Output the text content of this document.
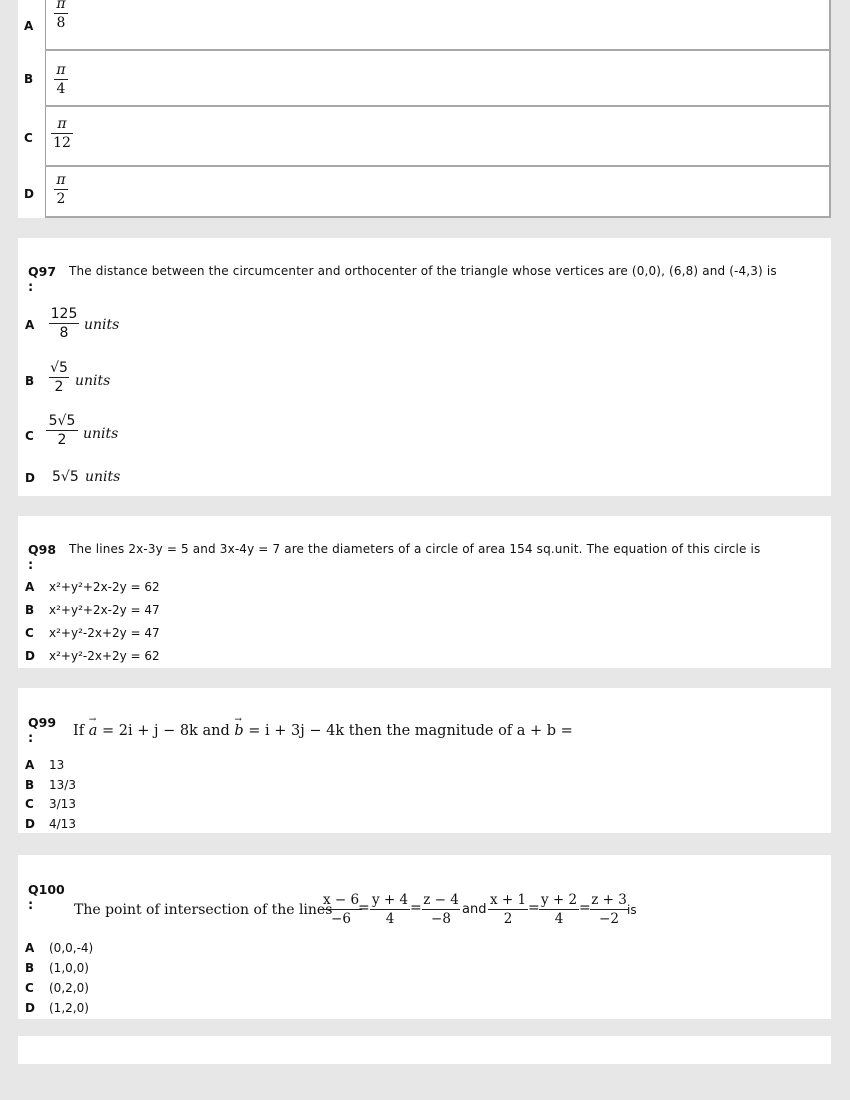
A
π
8
B
π
4
C
π
12
D
π
2
Q97
:
The distance between the circumcenter and orthocenter of the triangle whose vertices are (0,0), (6,8) and (-4,3) is
A
125
8	units
B
√5
2 units
C
5√5
2	units
D 5√5 units
Q98
:
The lines 2x-3y = 5 and 3x-4y = 7 are the diameters of a circle of area 154 sq.unit. The equation of this circle is
A x²+y²+2x-2y = 62
B x²+y²+2x-2y = 47
C x²+y²-2x+2y = 47
D x²+y²-2x+2y = 62
Q99
:	If → a = 2i + j − 8k and → b = i + 3j − 4k then the magnitude of a + b =
A 13
B 13/3
C 3/13
D 4/13
Q100
:	The point of intersection of the lines
x − 6
−6
= y + 4
4
= z − 4
−8
and
x + 1
2
= y + 2
4
= z + 3
−2
is
A (0,0,-4)
B (1,0,0)
C (0,2,0)
D (1,2,0)
